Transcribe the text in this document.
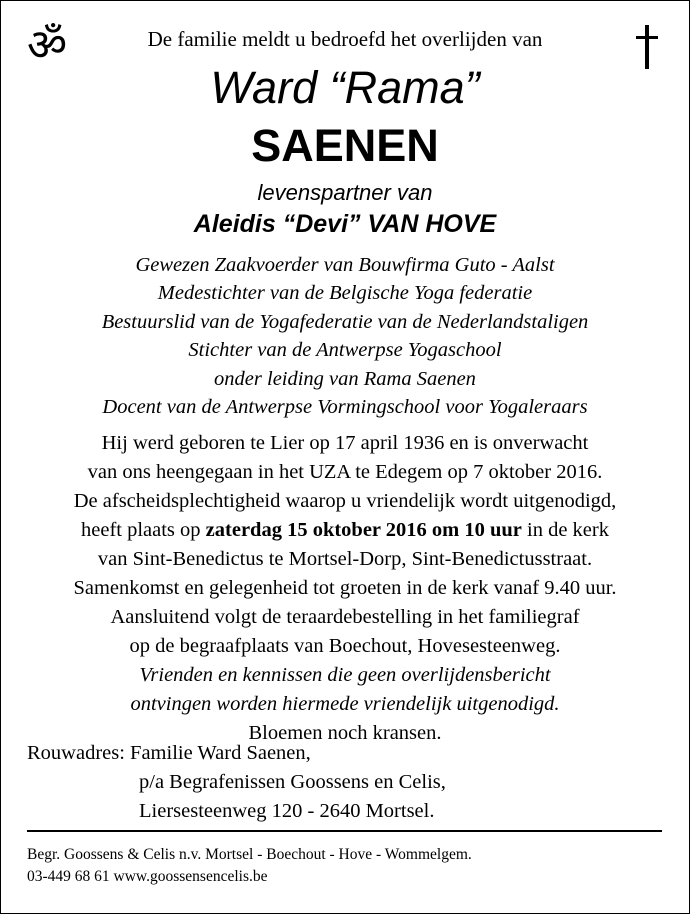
ॐ	De familie meldt u bedroefd het overlijden van
Ward “Rama”
SAENEN
levenspartner van
Aleidis “Devi” VAN HOVE
Gewezen Zaakvoerder van Bouwfirma Guto - Aalst
Medestichter van de Belgische Yoga federatie
Bestuurslid van de Yogafederatie van de Nederlandstaligen
Stichter van de Antwerpse Yogaschool
onder leiding van Rama Saenen
Docent van de Antwerpse Vormingschool voor Yogaleraars
Hij werd geboren te Lier op 17 april 1936 en is onverwacht
van ons heengegaan in het UZA te Edegem op 7 oktober 2016.
De afscheidsplechtigheid waarop u vriendelijk wordt uitgenodigd,
heeft plaats op zaterdag 15 oktober 2016 om 10 uur in de kerk
van Sint-Benedictus te Mortsel-Dorp, Sint-Benedictusstraat.
Samenkomst en gelegenheid tot groeten in de kerk vanaf 9.40 uur.
Aansluitend volgt de teraardebestelling in het familiegraf
op de begraafplaats van Boechout, Hovesesteenweg.
Vrienden en kennissen die geen overlijdensbericht
ontvingen worden hiermede vriendelijk uitgenodigd.
Bloemen noch kransen.
Rouwadres: Familie Ward Saenen,
p/a Begrafenissen Goossens en Celis,
Liersesteenweg 120 - 2640 Mortsel.
Begr. Goossens & Celis n.v. Mortsel - Boechout - Hove - Wommelgem.
03-449 68 61 www.goossensencelis.be
